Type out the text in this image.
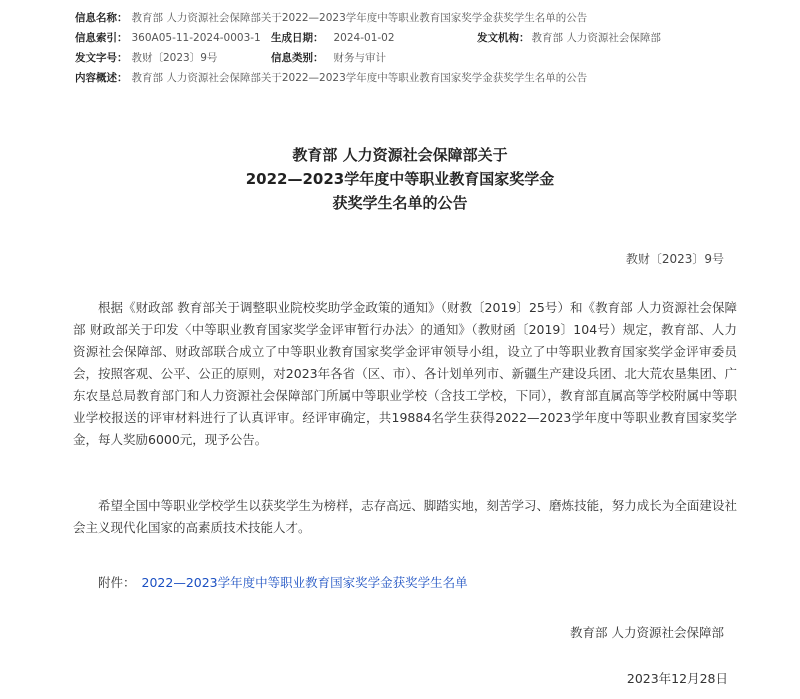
信息名称： 教育部 人力资源社会保障部关于2022—2023学年度中等职业教育国家奖学金获奖学生名单的公告
信息索引： 360A05-11-2024-0003-1 生成日期： 2024-01-02	发文机构： 教育部 人力资源社会保障部
发文字号： 教财〔2023〕9号	信息类别： 财务与审计
内容概述： 教育部 人力资源社会保障部关于2022—2023学年度中等职业教育国家奖学金获奖学生名单的公告
教育部 人力资源社会保障部关于
2022—2023学年度中等职业教育国家奖学金
获奖学生名单的公告
教财〔2023〕9号

根据《财政部 教育部关于调整职业院校奖助学金政策的通知》（财教〔2019〕25号）和《教育部 人力资源社会保障部 财政部关于印发〈中等职业教育国家奖学金评审暂行办法〉的通知》（教财函〔2019〕104号）规定，教育部、人力资源社会保障部、财政部联合成立了中等职业教育国家奖学金评审领导小组，设立了中等职业教育国家奖学金评审委员会，按照客观、公平、公正的原则，对2023年各省（区、市）、各计划单列市、新疆生产建设兵团、北大荒农垦集团、广东农垦总局教育部门和人力资源社会保障部门所属中等职业学校（含技工学校，下同），教育部直属高等学校附属中等职业学校报送的评审材料进行了认真评审。经评审确定，共19884名学生获得2022—2023学年度中等职业教育国家奖学金，每人奖励6000元，现予公告。

希望全国中等职业学校学生以获奖学生为榜样，志存高远、脚踏实地，刻苦学习、磨炼技能，努力成长为全面建设社会主义现代化国家的高素质技术技能人才。

附件： 2022—2023学年度中等职业教育国家奖学金获奖学生名单
教育部 人力资源社会保障部
2023年12月28日
